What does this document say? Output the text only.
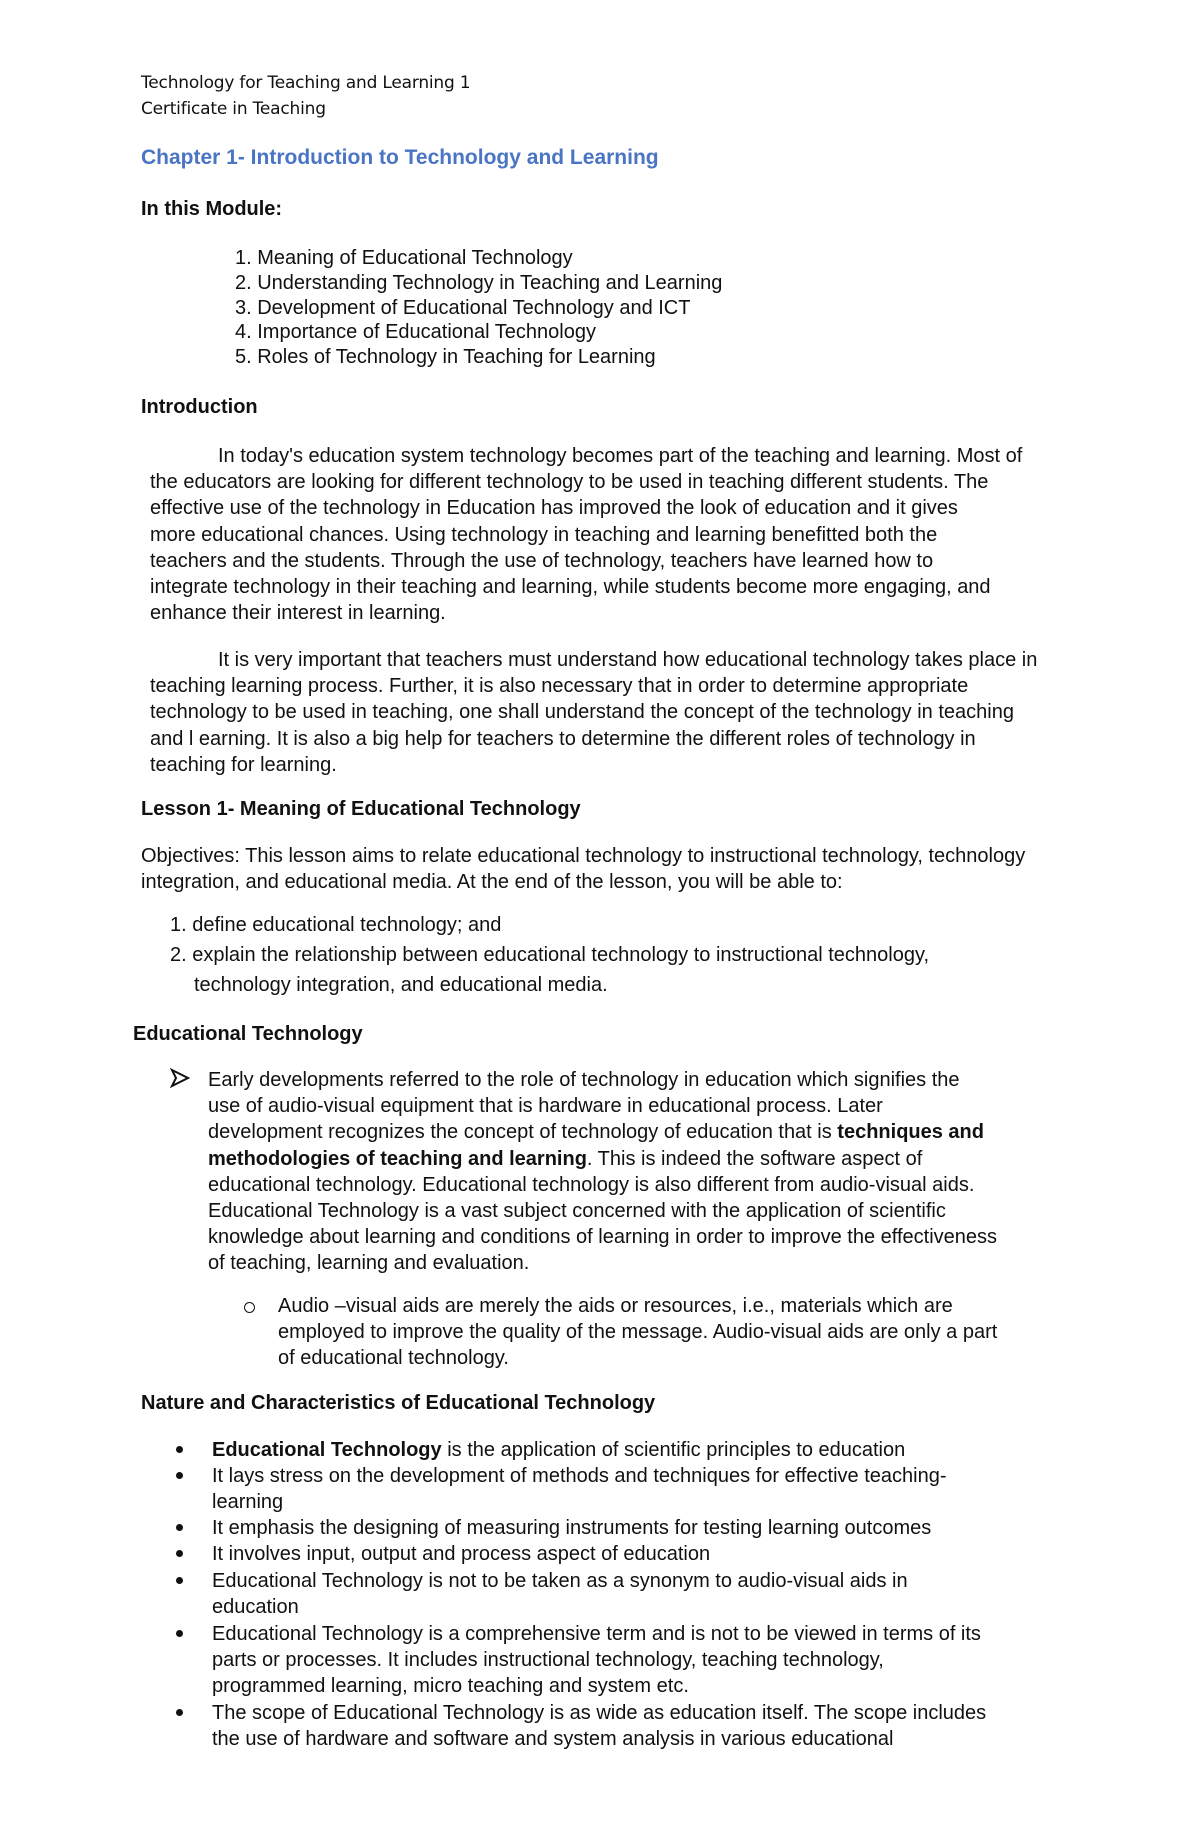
Technology for Teaching and Learning 1
Certificate in Teaching
Chapter 1- Introduction to Technology and Learning
In this Module:
1. Meaning of Educational Technology
2. Understanding Technology in Teaching and Learning
3. Development of Educational Technology and ICT
4. Importance of Educational Technology
5. Roles of Technology in Teaching for Learning
Introduction
In today's education system technology becomes part of the teaching and learning. Most of
the educators are looking for different technology to be used in teaching different students. The
effective use of the technology in Education has improved the look of education and it gives
more educational chances. Using technology in teaching and learning benefitted both the
teachers and the students. Through the use of technology, teachers have learned how to
integrate technology in their teaching and learning, while students become more engaging, and
enhance their interest in learning.
It is very important that teachers must understand how educational technology takes place in
teaching learning process. Further, it is also necessary that in order to determine appropriate
technology to be used in teaching, one shall understand the concept of the technology in teaching
and l earning. It is also a big help for teachers to determine the different roles of technology in
teaching for learning.
Lesson 1- Meaning of Educational Technology
Objectives: This lesson aims to relate educational technology to instructional technology, technology
integration, and educational media. At the end of the lesson, you will be able to:
1. define educational technology; and
2. explain the relationship between educational technology to instructional technology,
technology integration, and educational media.
Educational Technology
Early developments referred to the role of technology in education which signifies the
use of audio-visual equipment that is hardware in educational process. Later
development recognizes the concept of technology of education that is techniques and
methodologies of teaching and learning. This is indeed the software aspect of
educational technology. Educational technology is also different from audio-visual aids.
Educational Technology is a vast subject concerned with the application of scientific
knowledge about learning and conditions of learning in order to improve the effectiveness
of teaching, learning and evaluation.
Audio –visual aids are merely the aids or resources, i.e., materials which are
employed to improve the quality of the message. Audio-visual aids are only a part
of educational technology.
Nature and Characteristics of Educational Technology
Educational Technology is the application of scientific principles to education
It lays stress on the development of methods and techniques for effective teaching-
learning
It emphasis the designing of measuring instruments for testing learning outcomes
It involves input, output and process aspect of education
Educational Technology is not to be taken as a synonym to audio-visual aids in
education
Educational Technology is a comprehensive term and is not to be viewed in terms of its
parts or processes. It includes instructional technology, teaching technology,
programmed learning, micro teaching and system etc.
The scope of Educational Technology is as wide as education itself. The scope includes
the use of hardware and software and system analysis in various educational
